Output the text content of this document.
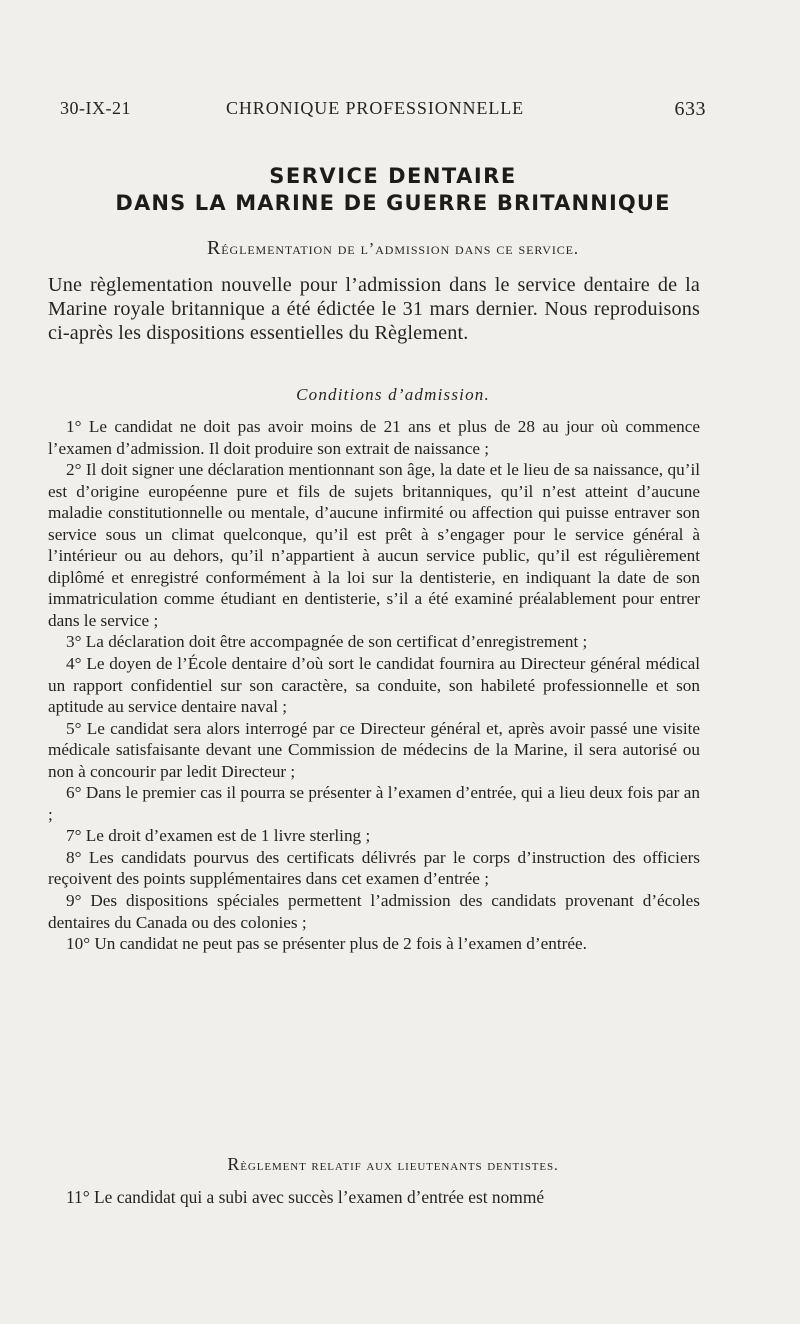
30-IX-21	CHRONIQUE PROFESSIONNELLE	633
SERVICE DENTAIRE
DANS LA MARINE DE GUERRE BRITANNIQUE
Réglementation de l’admission dans ce service.
Une règlementation nouvelle pour l’admission dans le service dentaire de la Marine royale britannique a été édictée le 31 mars dernier. Nous reproduisons ci-après les dispositions essentielles du Règlement.
Conditions d’admission.

1° Le candidat ne doit pas avoir moins de 21 ans et plus de 28 au jour où commence l’examen d’admission. Il doit produire son extrait de naissance ;

2° Il doit signer une déclaration mentionnant son âge, la date et le lieu de sa naissance, qu’il est d’origine européenne pure et fils de sujets britanniques, qu’il n’est atteint d’aucune maladie constitutionnelle ou mentale, d’aucune infirmité ou affection qui puisse entraver son service sous un climat quelconque, qu’il est prêt à s’engager pour le service général à l’intérieur ou au dehors, qu’il n’appartient à aucun service public, qu’il est régulièrement diplômé et enregistré conformément à la loi sur la dentisterie, en indiquant la date de son immatriculation comme étudiant en dentisterie, s’il a été examiné préalablement pour entrer dans le service ;

3° La déclaration doit être accompagnée de son certificat d’enregistrement ;

4° Le doyen de l’École dentaire d’où sort le candidat fournira au Directeur général médical un rapport confidentiel sur son caractère, sa conduite, son habileté professionnelle et son aptitude au service dentaire naval ;

5° Le candidat sera alors interrogé par ce Directeur général et, après avoir passé une visite médicale satisfaisante devant une Commission de médecins de la Marine, il sera autorisé ou non à concourir par ledit Directeur ;

6° Dans le premier cas il pourra se présenter à l’examen d’entrée, qui a lieu deux fois par an ;

7° Le droit d’examen est de 1 livre sterling ;

8° Les candidats pourvus des certificats délivrés par le corps d’instruction des officiers reçoivent des points supplémentaires dans cet examen d’entrée ;

9° Des dispositions spéciales permettent l’admission des candidats provenant d’écoles dentaires du Canada ou des colonies ;

10° Un candidat ne peut pas se présenter plus de 2 fois à l’examen d’entrée.

Règlement relatif aux lieutenants dentistes.

11° Le candidat qui a subi avec succès l’examen d’entrée est nommé
